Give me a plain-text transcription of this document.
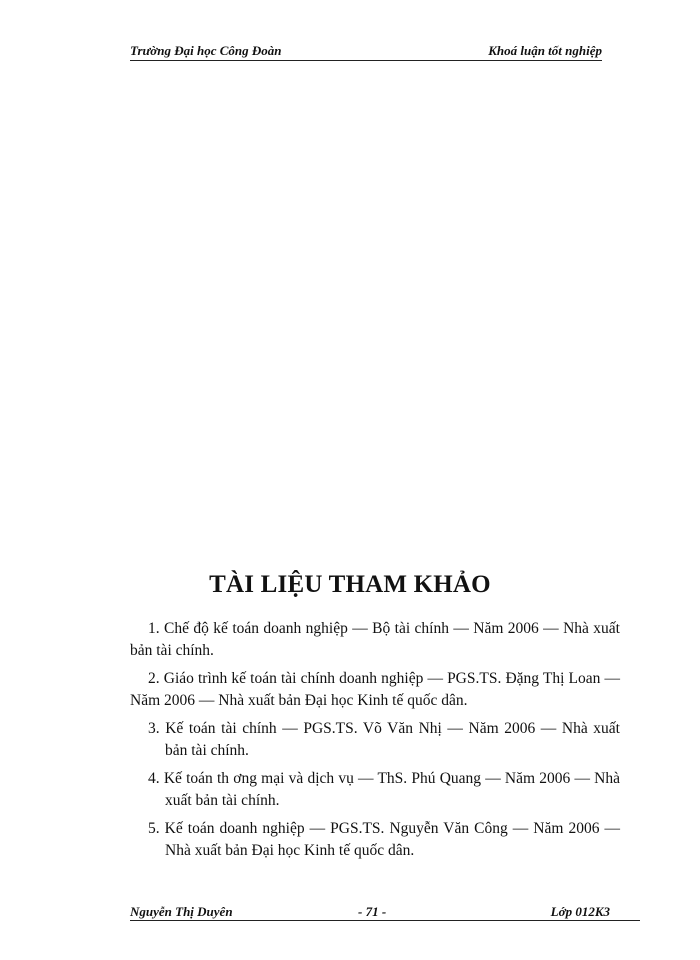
Trường Đại học Công Đoàn	Khoá luận tốt nghiệp
TÀI LIỆU THAM KHẢO

1. Chế độ kế toán doanh nghiệp — Bộ tài chính — Năm 2006 — Nhà xuất bản tài chính.

2. Giáo trình kế toán tài chính doanh nghiệp — PGS.TS. Đặng Thị Loan — Năm 2006 — Nhà xuất bản Đại học Kinh tế quốc dân.

3. Kế toán tài chính — PGS.TS. Võ Văn Nhị — Năm 2006 — Nhà xuất bản tài chính.

4. Kế toán th ơng mại và dịch vụ — ThS. Phú Quang — Năm 2006 — Nhà xuất bản tài chính.

5. Kế toán doanh nghiệp — PGS.TS. Nguyễn Văn Công — Năm 2006 — Nhà xuất bản Đại học Kinh tế quốc dân.

Nguyễn Thị Duyên	- 71 -	Lớp 012K3
